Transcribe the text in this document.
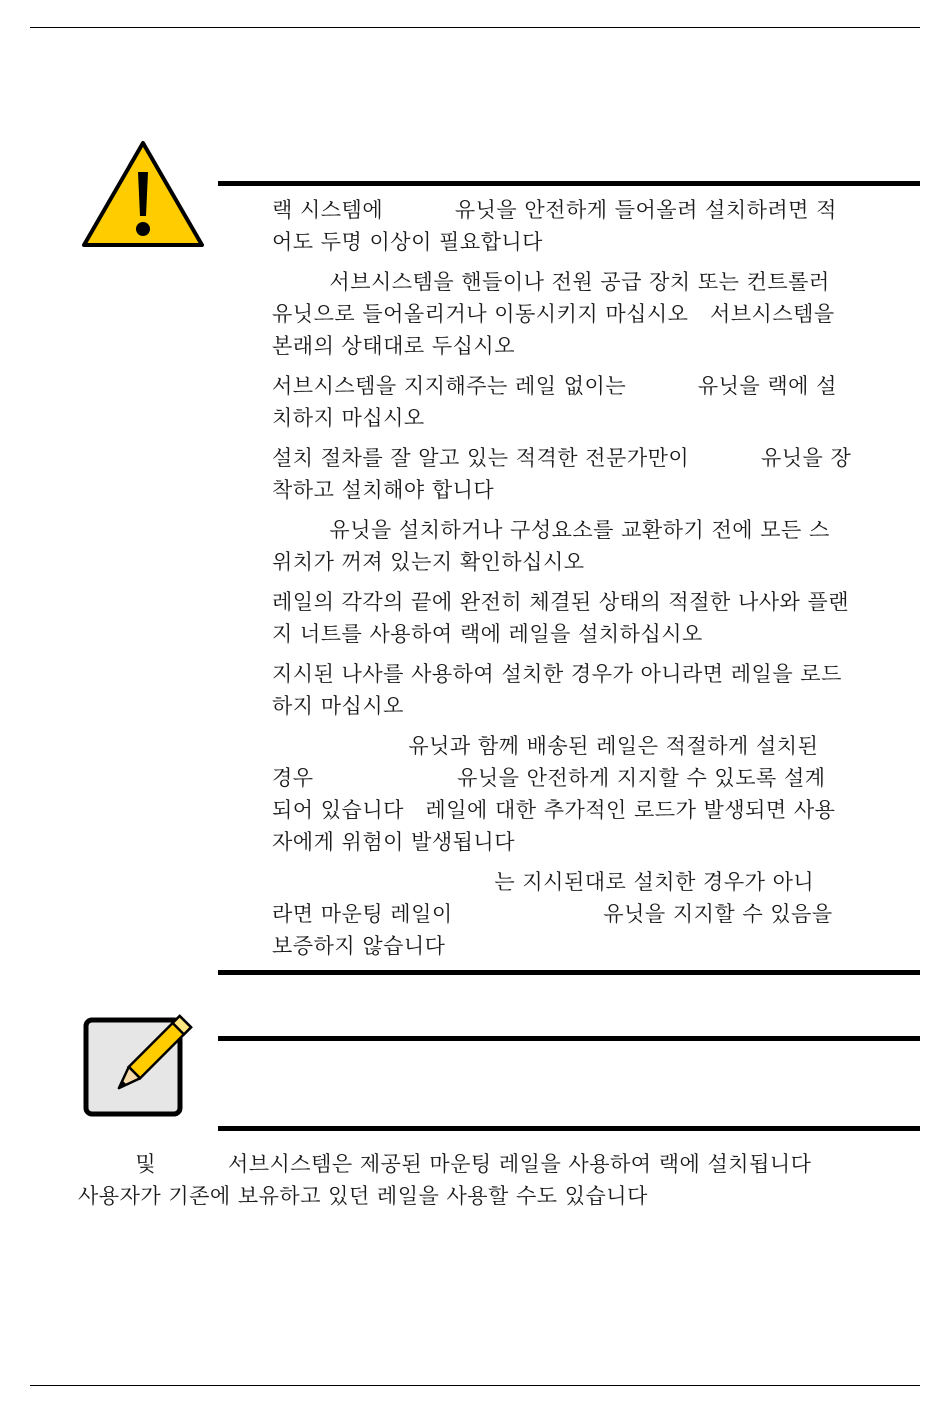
랙 시스템에          유닛을 안전하게 들어올려 설치하려면 적
어도 두명 이상이 필요합니다
서브시스템을 핸들이나 전원 공급 장치 또는 컨트롤러
유닛으로 들어올리거나 이동시키지 마십시오   서브시스템을
본래의 상태대로 두십시오
서브시스템을 지지해주는 레일 없이는          유닛을 랙에 설
치하지 마십시오
설치 절차를 잘 알고 있는 적격한 전문가만이          유닛을 장
착하고 설치해야 합니다
유닛을 설치하거나 구성요소를 교환하기 전에 모든 스
위치가 꺼져 있는지 확인하십시오
레일의 각각의 끝에 완전히 체결된 상태의 적절한 나사와 플랜
지 너트를 사용하여 랙에 레일을 설치하십시오
지시된 나사를 사용하여 설치한 경우가 아니라면 레일을 로드
하지 마십시오
유닛과 함께 배송된 레일은 적절하게 설치된
경우                    유닛을 안전하게 지지할 수 있도록 설계
되어 있습니다   레일에 대한 추가적인 로드가 발생되면 사용
자에게 위험이 발생됩니다
는 지시된대로 설치한 경우가 아니
라면 마운팅 레일이                     유닛을 지지할 수 있음을
보증하지 않습니다

및          서브시스템은 제공된 마운팅 레일을 사용하여 랙에 설치됩니다
사용자가 기존에 보유하고 있던 레일을 사용할 수도 있습니다
